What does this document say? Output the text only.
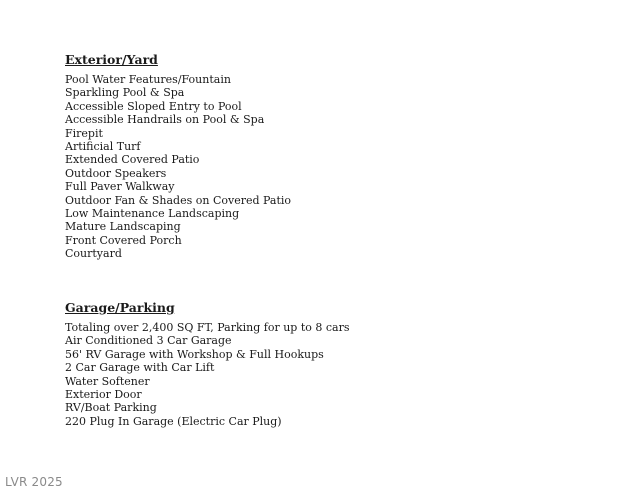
Exterior/Yard
Pool Water Features/Fountain
Sparkling Pool & Spa
Accessible Sloped Entry to Pool
Accessible Handrails on Pool & Spa
Firepit
Artificial Turf
Extended Covered Patio
Outdoor Speakers
Full Paver Walkway
Outdoor Fan & Shades on Covered Patio
Low Maintenance Landscaping
Mature Landscaping
Front Covered Porch
Courtyard
Garage/Parking
Totaling over 2,400 SQ FT, Parking for up to 8 cars
Air Conditioned 3 Car Garage
56' RV Garage with Workshop & Full Hookups
2 Car Garage with Car Lift
Water Softener
Exterior Door
RV/Boat Parking
220 Plug In Garage (Electric Car Plug)
LVR 2025
